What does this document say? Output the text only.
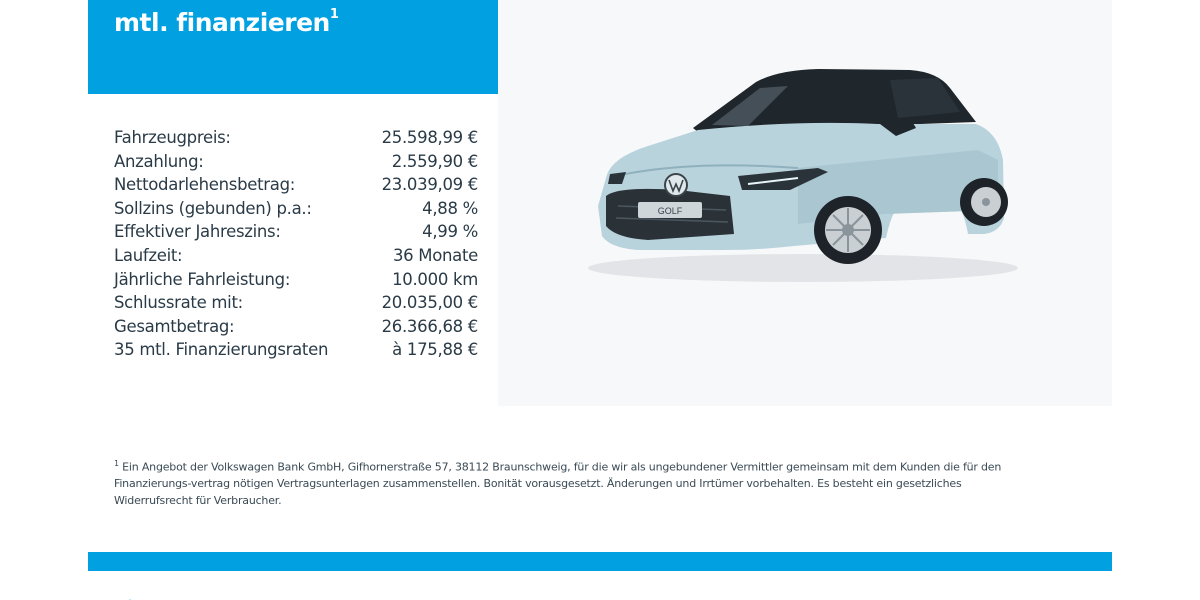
mtl. finanzieren$^1$
GOLF
Fahrzeugpreis:	25.598,99 €
Anzahlung:	2.559,90 €
Nettodarlehensbetrag:	23.039,09 €
Sollzins (gebunden) p.a.:	4,88 %
Effektiver Jahreszins:	4,99 %
Laufzeit:	36 Monate
Jährliche Fahrleistung:	10.000 km
Schlussrate mit:	20.035,00 €
Gesamtbetrag:	26.366,68 €
35 mtl. Finanzierungsraten	à 175,88 €
$^1$ Ein Angebot der Volkswagen Bank GmbH, Gifhornerstraße 57, 38112 Braunschweig, für die wir als ungebundener Vermittler gemeinsam mit dem Kunden die für den Finanzierungs-vertrag nötigen Vertragsunterlagen zusammenstellen. Bonität vorausgesetzt. Änderungen und Irrtümer vorbehalten. Es besteht ein gesetzliches Widerrufsrecht für Verbraucher.
